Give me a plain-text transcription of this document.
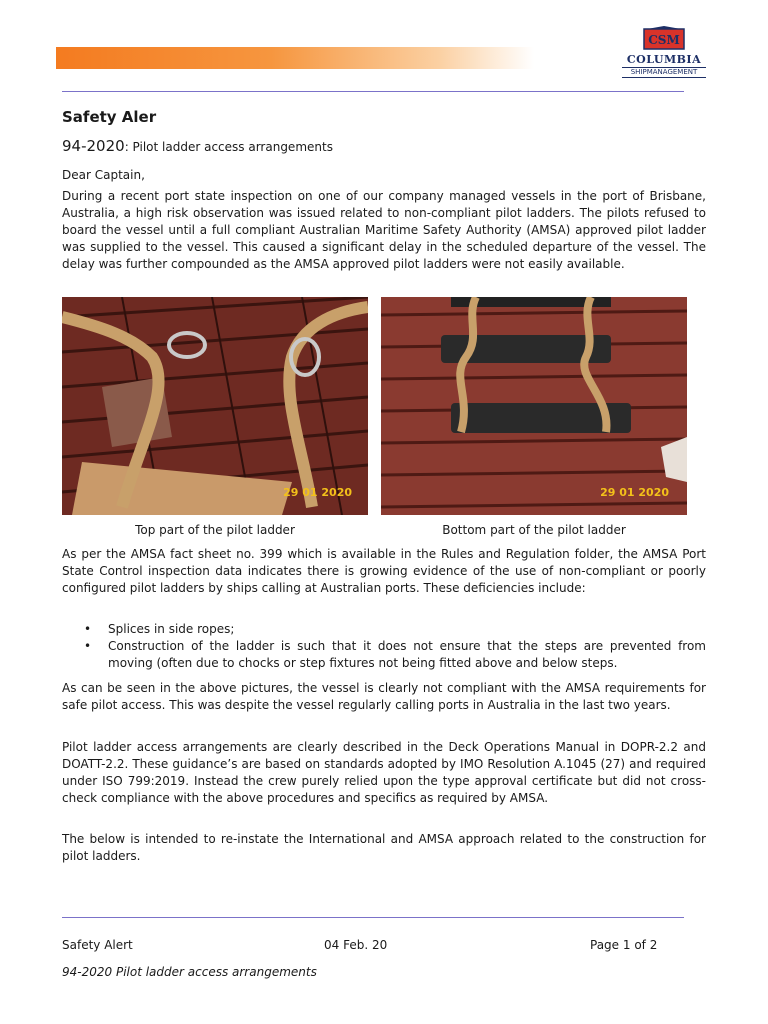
CSM
COLUMBIA
SHIPMANAGEMENT
Safety Aler

94-2020: Pilot ladder access arrangements

Dear Captain,

During a recent port state inspection on one of our company managed vessels in the port of Brisbane, Australia, a high risk observation was issued related to non-compliant pilot ladders. The pilots refused to board the vessel until a full compliant Australian Maritime Safety Authority (AMSA) approved pilot ladder was supplied to the vessel. This caused a significant delay in the scheduled departure of the vessel. The delay was further compounded as the AMSA approved pilot ladders were not easily available.

29 01 2020
Top part of the pilot ladder
29 01 2020
Bottom part of the pilot ladder

As per the AMSA fact sheet no. 399 which is available in the Rules and Regulation folder, the AMSA Port State Control inspection data indicates there is growing evidence of the use of non-compliant or poorly configured pilot ladders by ships calling at Australian ports. These deficiencies include:

• Splices in side ropes;
• Construction of the ladder is such that it does not ensure that the steps are prevented from moving (often due to chocks or step fixtures not being fitted above and below steps.

As can be seen in the above pictures, the vessel is clearly not compliant with the AMSA requirements for safe pilot access. This was despite the vessel regularly calling ports in Australia in the last two years.

Pilot ladder access arrangements are clearly described in the Deck Operations Manual in DOPR-2.2 and DOATT-2.2. These guidance’s are based on standards adopted by IMO Resolution A.1045 (27) and required under ISO 799:2019. Instead the crew purely relied upon the type approval certificate but did not cross-check compliance with the above procedures and specifics as required by AMSA.

The below is intended to re-instate the International and AMSA approach related to the construction for pilot ladders.

Safety Alert	04 Feb. 20	Page 1 of 2
94-2020 Pilot ladder access arrangements
